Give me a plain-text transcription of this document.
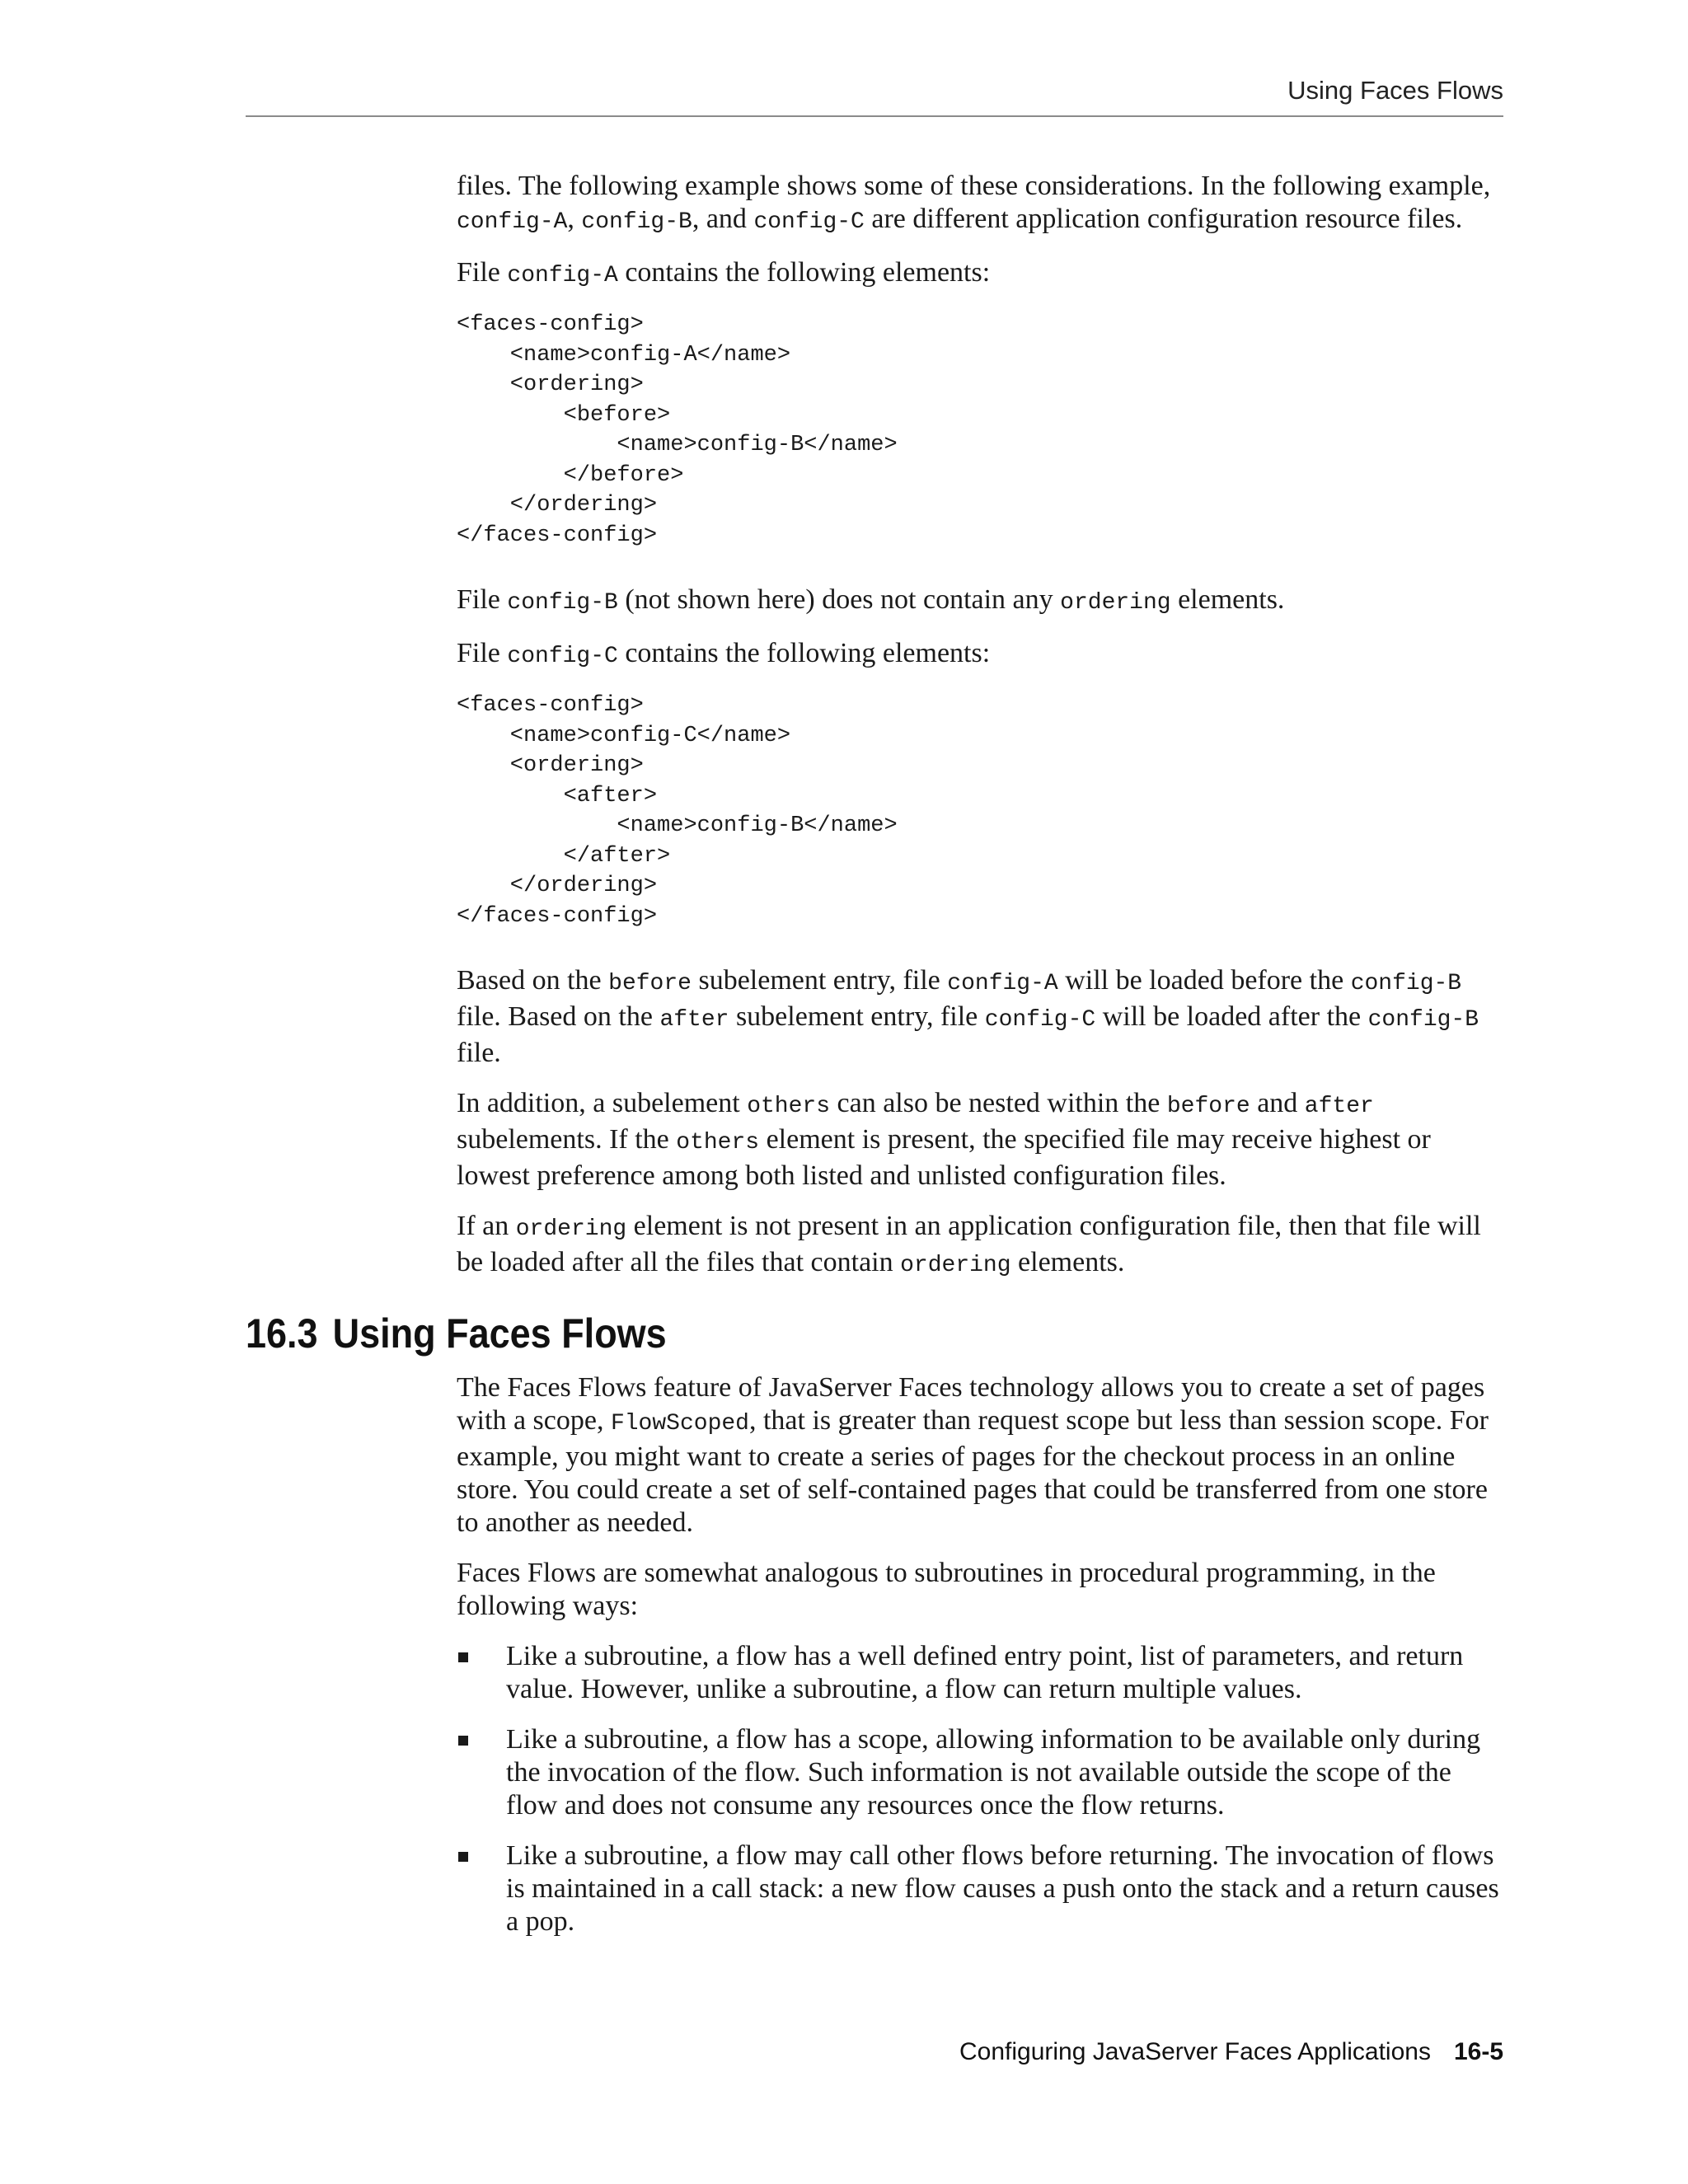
Using Faces Flows

files. The following example shows some of these considerations. In the following example, config-A, config-B, and config-C are different application configuration resource files.

File config-A contains the following elements:

<faces-config>
<name>config-A</name>
<ordering>
<before>
<name>config-B</name>
</before>
</ordering>
</faces-config>

File config-B (not shown here) does not contain any ordering elements.

File config-C contains the following elements:

<faces-config>
<name>config-C</name>
<ordering>
<after>
<name>config-B</name>
</after>
</ordering>
</faces-config>

Based on the before subelement entry, file config-A will be loaded before the config-B file. Based on the after subelement entry, file config-C will be loaded after the config-B file.

In addition, a subelement others can also be nested within the before and after subelements. If the others element is present, the specified file may receive highest or lowest preference among both listed and unlisted configuration files.

If an ordering element is not present in an application configuration file, then that file will be loaded after all the files that contain ordering elements.

16.3 Using Faces Flows

The Faces Flows feature of JavaServer Faces technology allows you to create a set of pages with a scope, FlowScoped, that is greater than request scope but less than session scope. For example, you might want to create a series of pages for the checkout process in an online store. You could create a set of self-contained pages that could be transferred from one store to another as needed.

Faces Flows are somewhat analogous to subroutines in procedural programming, in the following ways:

Like a subroutine, a flow has a well defined entry point, list of parameters, and return value. However, unlike a subroutine, a flow can return multiple values.
Like a subroutine, a flow has a scope, allowing information to be available only during the invocation of the flow. Such information is not available outside the scope of the flow and does not consume any resources once the flow returns.
Like a subroutine, a flow may call other flows before returning. The invocation of flows is maintained in a call stack: a new flow causes a push onto the stack and a return causes a pop.
Configuring JavaServer Faces Applications 16-5
